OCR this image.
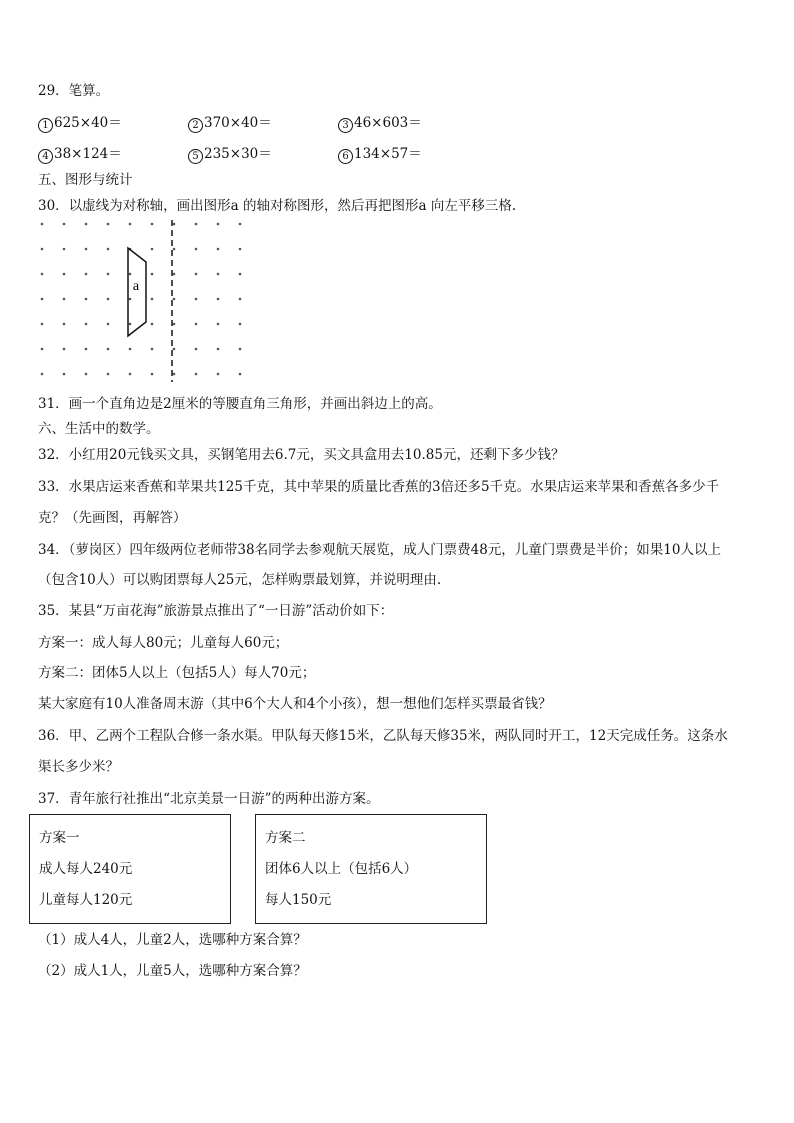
29．笔算。
1 625×40＝	2 370×40＝	3 46×603＝
4 38×124＝	5 235×30＝	6 134×57＝
五、图形与统计
30．以虚线为对称轴，画出图形a 的轴对称图形，然后再把图形a 向左平移三格.
a
31．画一个直角边是2厘米的等腰直角三角形，并画出斜边上的高。
六、生活中的数学。
32．小红用20元钱买文具，买钢笔用去6.7元，买文具盒用去10.85元，还剩下多少钱？
33．水果店运来香蕉和苹果共125千克，其中苹果的质量比香蕉的3倍还多5千克。水果店运来苹果和香蕉各多少千
克？（先画图，再解答）
34．（萝岗区）四年级两位老师带38名同学去参观航天展览，成人门票费48元，儿童门票费是半价；如果10人以上
（包含10人）可以购团票每人25元，怎样购票最划算，并说明理由.
35．某县“万亩花海”旅游景点推出了“一日游”活动价如下：
方案一：成人每人80元；儿童每人60元；
方案二：团体5人以上（包括5人）每人70元；
某大家庭有10人准备周末游（其中6个大人和4个小孩），想一想他们怎样买票最省钱？
36．甲、乙两个工程队合修一条水渠。甲队每天修15米，乙队每天修35米，两队同时开工，12天完成任务。这条水
渠长多少米？
37．青年旅行社推出“北京美景一日游”的两种出游方案。
方案一
成人每人240元
儿童每人120元
方案二
团体6人以上（包括6人）
每人150元
（1）成人4人，儿童2人，选哪种方案合算？
（2）成人1人，儿童5人，选哪种方案合算？
